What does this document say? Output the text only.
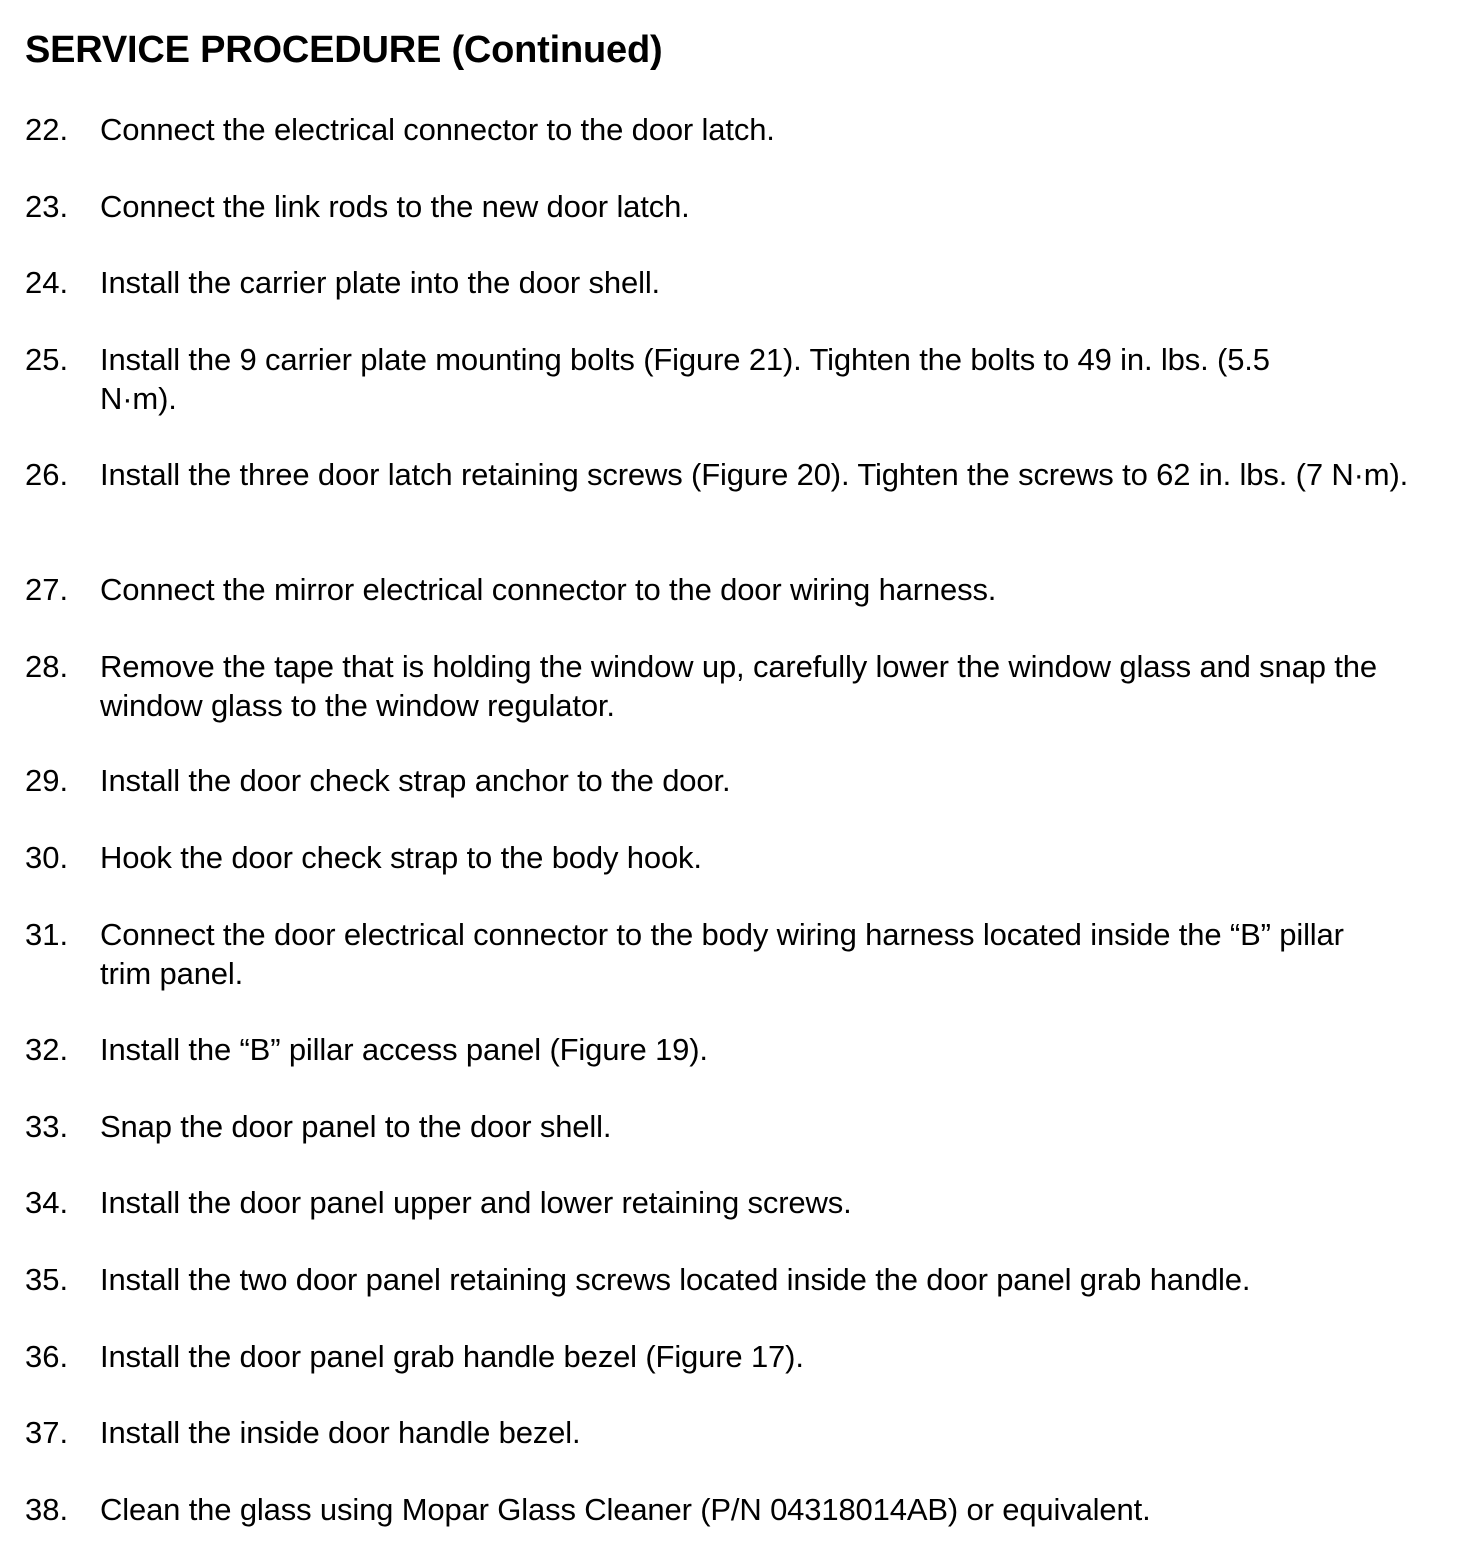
SERVICE PROCEDURE (Continued)
22. Connect the electrical connector to the door latch.
23. Connect the link rods to the new door latch.
24. Install the carrier plate into the door shell.
25. Install the 9 carrier plate mounting bolts (Figure 21). Tighten the bolts to 49 in. lbs. (5.5 N·m).
26. Install the three door latch retaining screws (Figure 20). Tighten the screws to 62 in. lbs. (7 N·m).
27. Connect the mirror electrical connector to the door wiring harness.
28. Remove the tape that is holding the window up, carefully lower the window glass and snap the window glass to the window regulator.
29. Install the door check strap anchor to the door.
30. Hook the door check strap to the body hook.
31. Connect the door electrical connector to the body wiring harness located inside the “B” pillar trim panel.
32. Install the “B” pillar access panel (Figure 19).
33. Snap the door panel to the door shell.
34. Install the door panel upper and lower retaining screws.
35. Install the two door panel retaining screws located inside the door panel grab handle.
36. Install the door panel grab handle bezel (Figure 17).
37. Install the inside door handle bezel.
38. Clean the glass using Mopar Glass Cleaner (P/N 04318014AB) or equivalent.
